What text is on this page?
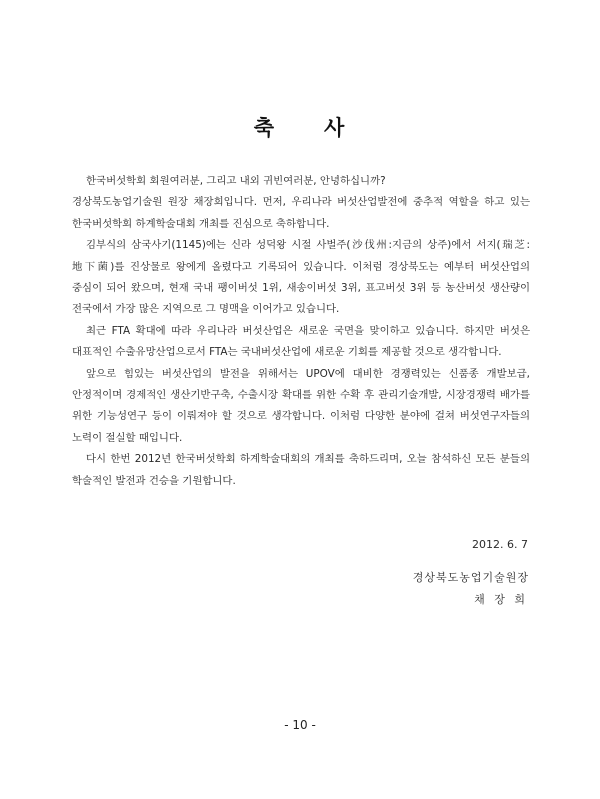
축 사

한국버섯학회 회원여러분, 그리고 내외 귀빈여러분, 안녕하십니까?

경상북도농업기술원 원장 채장희입니다. 먼저, 우리나라 버섯산업발전에 중추적 역할을 하고 있는 한국버섯학회 하계학술대회 개최를 진심으로 축하합니다.

김부식의 삼국사기(1145)에는 신라 성덕왕 시절 사벌주(沙伐州:지금의 상주)에서 서지(瑞芝:地下菌)를 진상물로 왕에게 올렸다고 기록되어 있습니다. 이처럼 경상북도는 예부터 버섯산업의 중심이 되어 왔으며, 현재 국내 팽이버섯 1위, 새송이버섯 3위, 표고버섯 3위 등 농산버섯 생산량이 전국에서 가장 많은 지역으로 그 명맥을 이어가고 있습니다.

최근 FTA 확대에 따라 우리나라 버섯산업은 새로운 국면을 맞이하고 있습니다. 하지만 버섯은 대표적인 수출유망산업으로서 FTA는 국내버섯산업에 새로운 기회를 제공할 것으로 생각합니다.

앞으로 힘있는 버섯산업의 발전을 위해서는 UPOV에 대비한 경쟁력있는 신품종 개발보급, 안정적이며 경제적인 생산기반구축, 수출시장 확대를 위한 수확 후 관리기술개발, 시장경쟁력 배가를 위한 기능성연구 등이 이뤄져야 할 것으로 생각합니다. 이처럼 다양한 분야에 걸쳐 버섯연구자들의 노력이 절실할 때입니다.

다시 한번 2012년 한국버섯학회 하계학술대회의 개최를 축하드리며, 오늘 참석하신 모든 분들의 학술적인 발전과 건승을 기원합니다.

2012. 6. 7
경상북도농업기술원장
채 장 희
- 10 -
